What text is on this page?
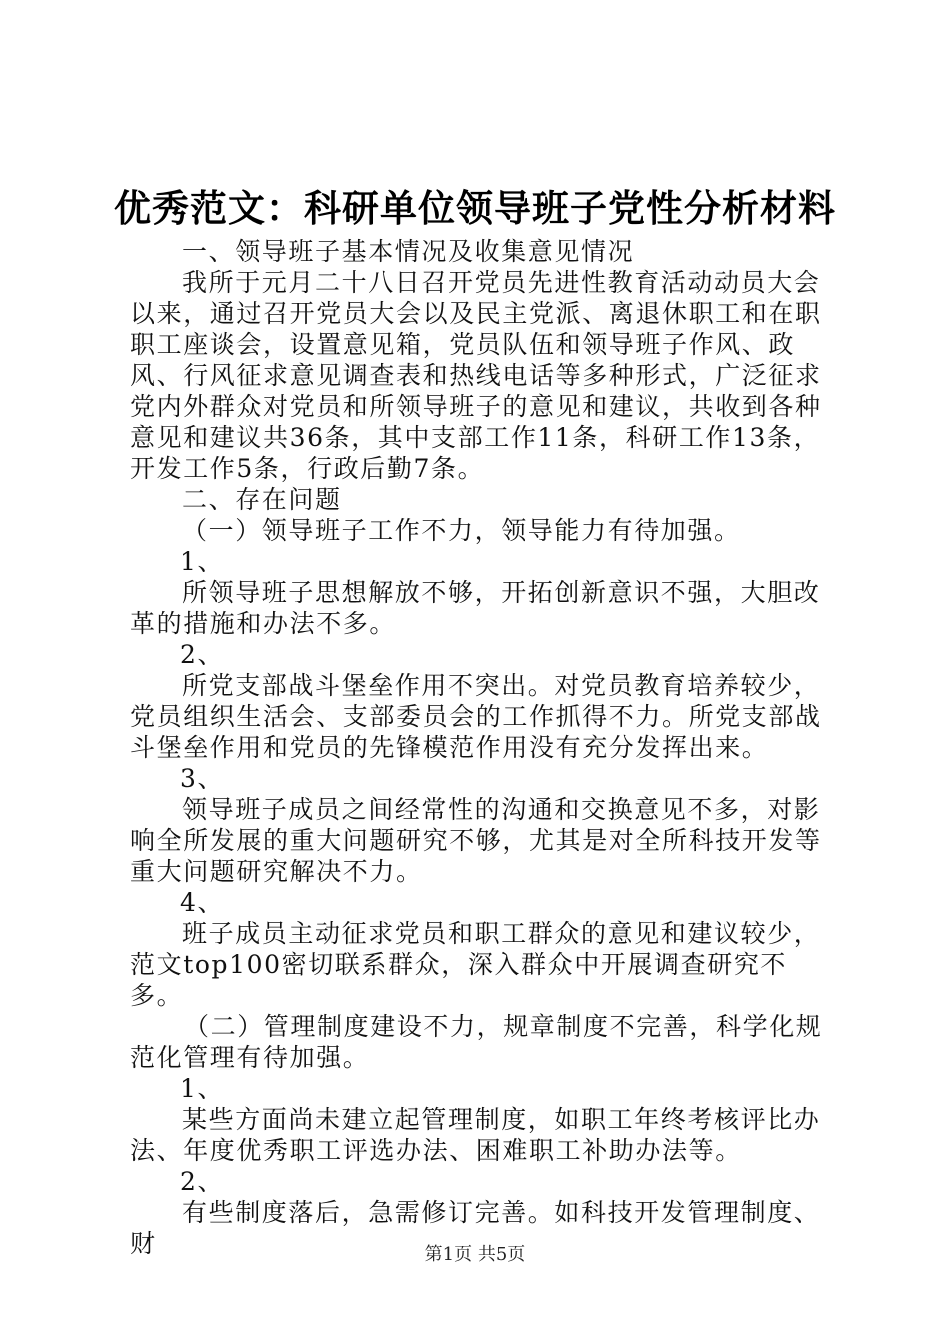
优秀范文：科研单位领导班子党性分析材料

一、领导班子基本情况及收集意见情况

我所于元月二十八日召开党员先进性教育活动动员大会以来，通过召开党员大会以及民主党派、离退休职工和在职职工座谈会，设置意见箱，党员队伍和领导班子作风、政风、行风征求意见调查表和热线电话等多种形式，广泛征求党内外群众对党员和所领导班子的意见和建议，共收到各种意见和建议共36条，其中支部工作11条，科研工作13条，开发工作5条，行政后勤7条。

二、存在问题

（一）领导班子工作不力，领导能力有待加强。

1、

所领导班子思想解放不够，开拓创新意识不强，大胆改革的措施和办法不多。

2、

所党支部战斗堡垒作用不突出。对党员教育培养较少，党员组织生活会、支部委员会的工作抓得不力。所党支部战斗堡垒作用和党员的先锋模范作用没有充分发挥出来。

3、

领导班子成员之间经常性的沟通和交换意见不多，对影响全所发展的重大问题研究不够，尤其是对全所科技开发等重大问题研究解决不力。

4、

班子成员主动征求党员和职工群众的意见和建议较少，范文top100密切联系群众，深入群众中开展调查研究不多。

（二）管理制度建设不力，规章制度不完善，科学化规范化管理有待加强。

1、

某些方面尚未建立起管理制度，如职工年终考核评比办法、年度优秀职工评选办法、困难职工补助办法等。

2、

有些制度落后，急需修订完善。如科技开发管理制度、财	第1页 共5页
